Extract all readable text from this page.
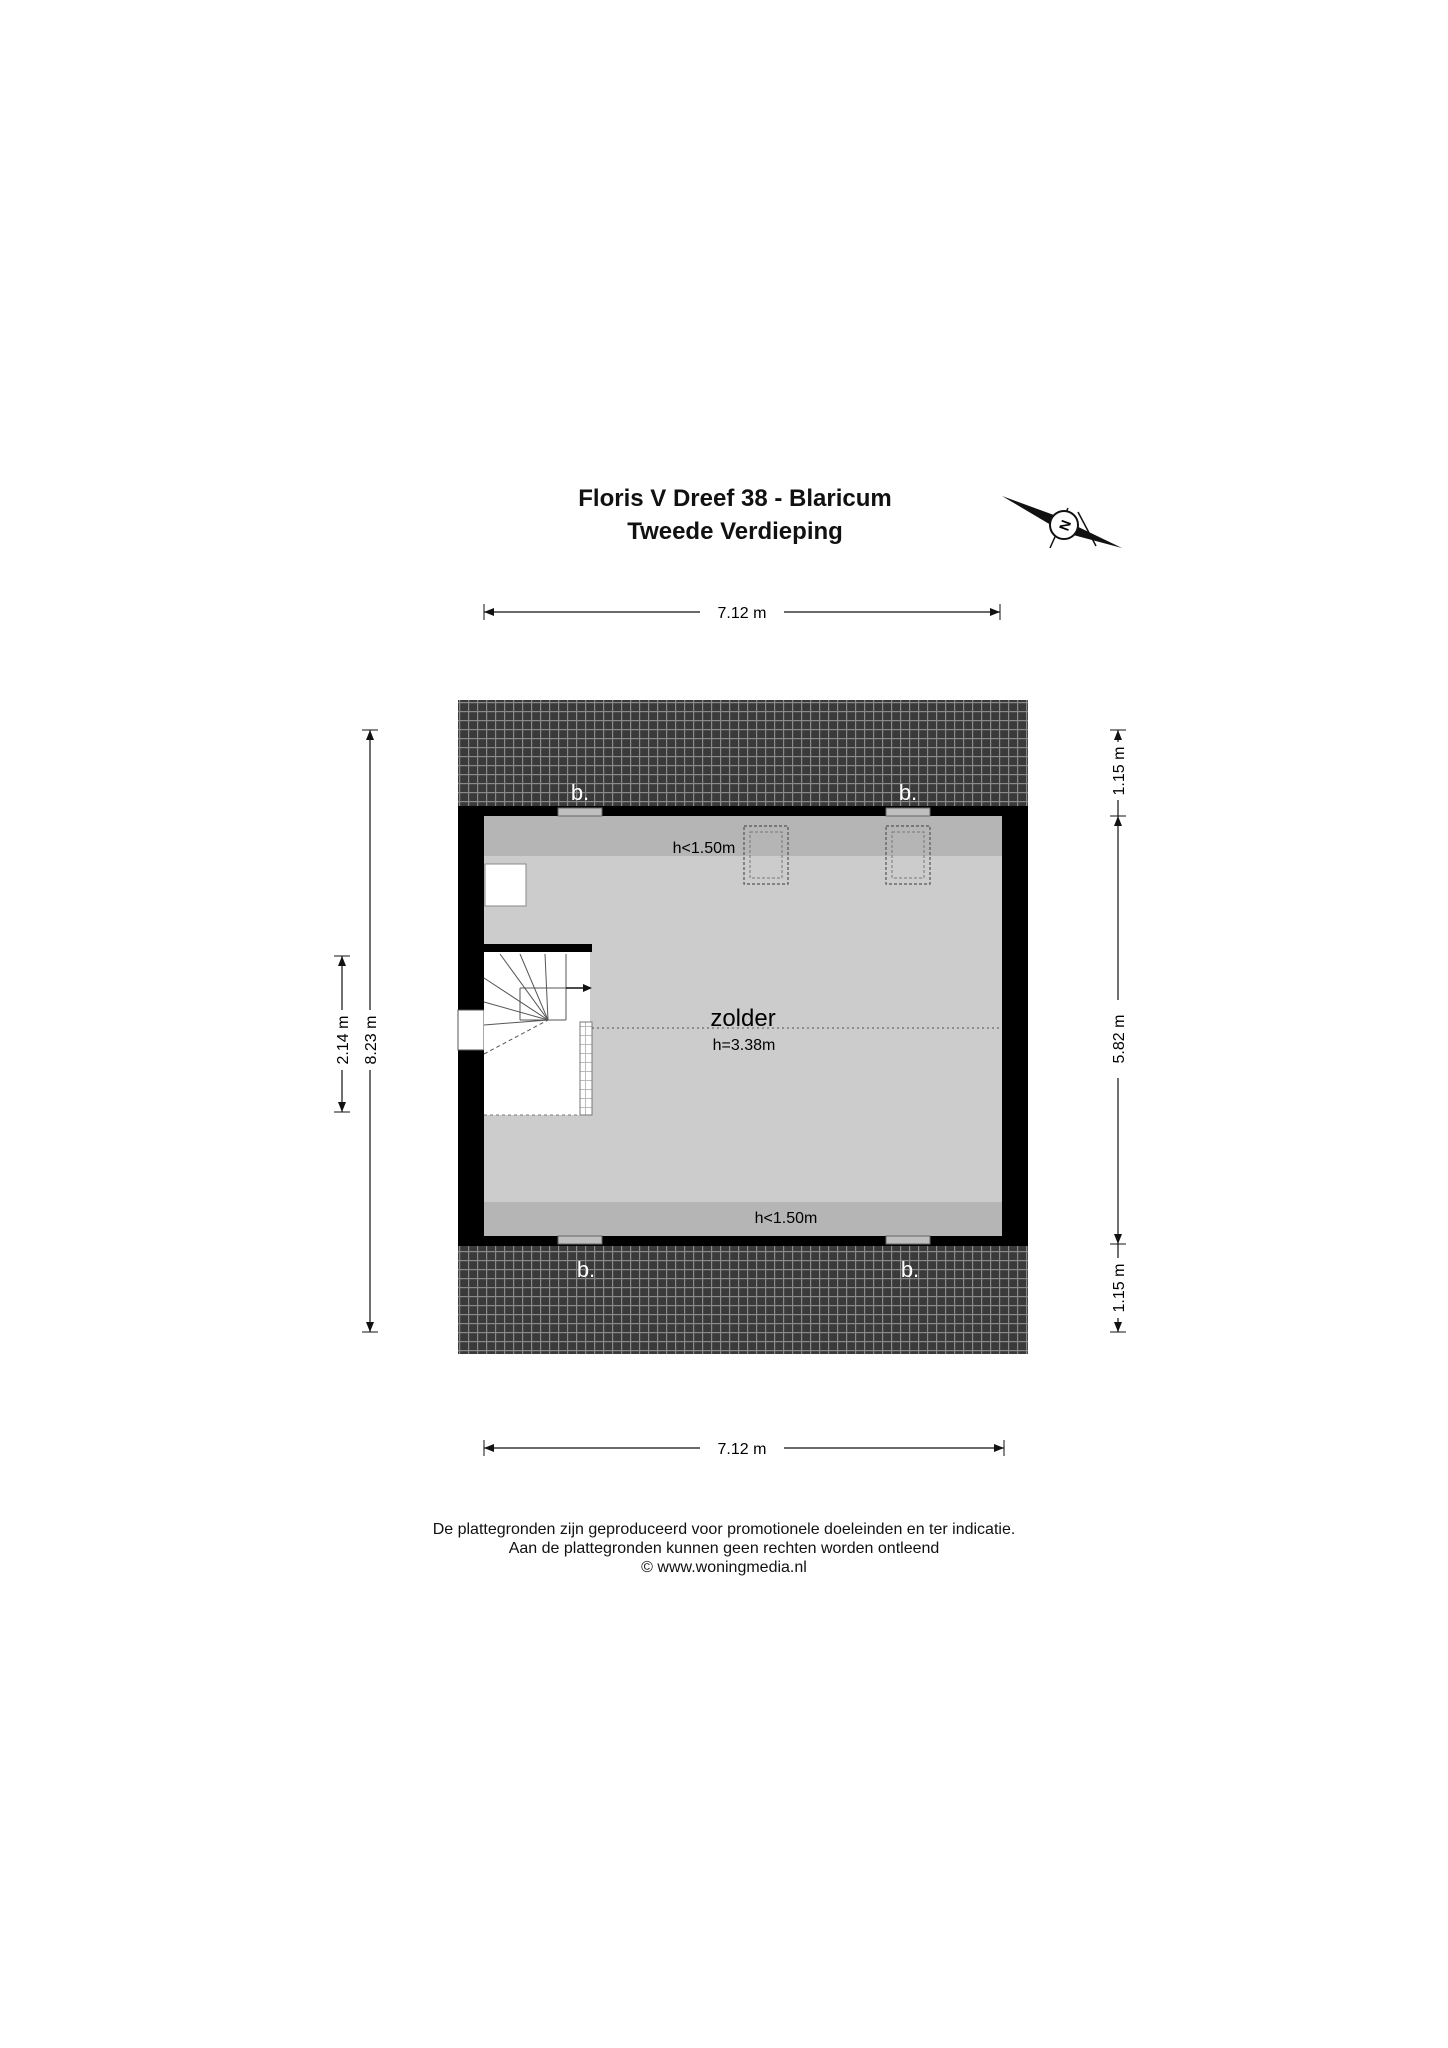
Floris V Dreef 38 - Blaricum
Tweede Verdieping	N
7.12 m
b.	b.
b.	b.
h<1.50m
zolder
h=3.38m
h<1.50m
8.23 m
2.14 m
1.15 m
5.82 m
1.15 m
7.12 m
De plattegronden zijn geproduceerd voor promotionele doeleinden en ter indicatie.
Aan de plattegronden kunnen geen rechten worden ontleend
© www.woningmedia.nl
